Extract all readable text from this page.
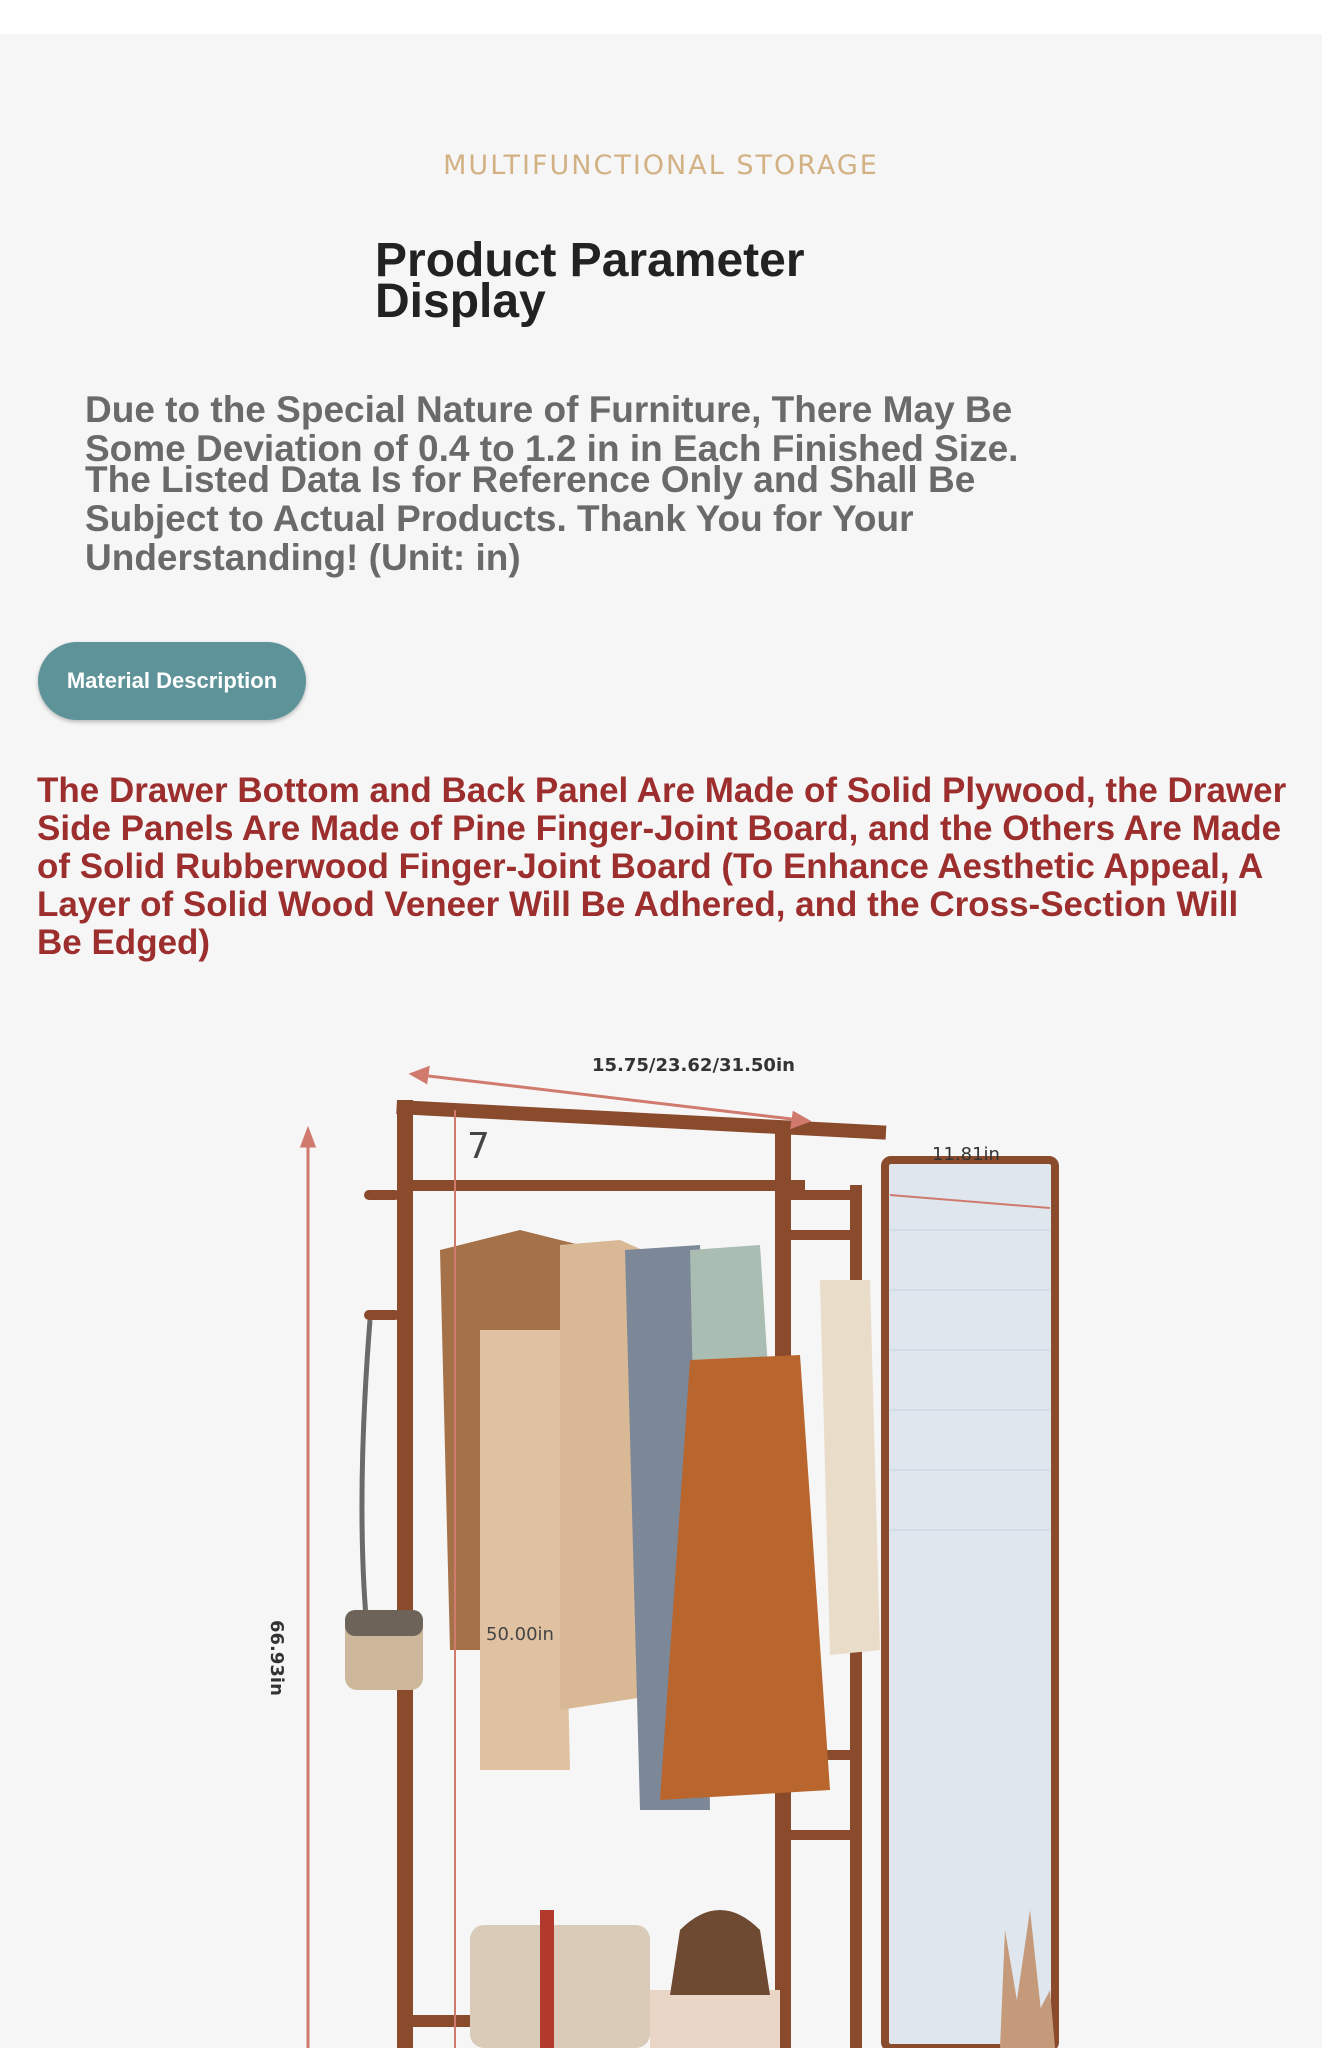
MULTIFUNCTIONAL STORAGE
Product Parameter Display

Due to the Special Nature of Furniture, There May Be Some Deviation of 0.4 to 1.2 in in Each Finished Size.

The Listed Data Is for Reference Only and Shall Be Subject to Actual Products. Thank You for Your Understanding! (Unit: in)

Material Description
The Drawer Bottom and Back Panel Are Made of Solid Plywood, the Drawer Side Panels Are Made of Pine Finger-Joint Board, and the Others Are Made of Solid Rubberwood Finger-Joint Board (To Enhance Aesthetic Appeal, A Layer of Solid Wood Veneer Will Be Adhered, and the Cross-Section Will Be Edged)
15.75/23.62/31.50in
11.81in
7
50.00in
66.93in
